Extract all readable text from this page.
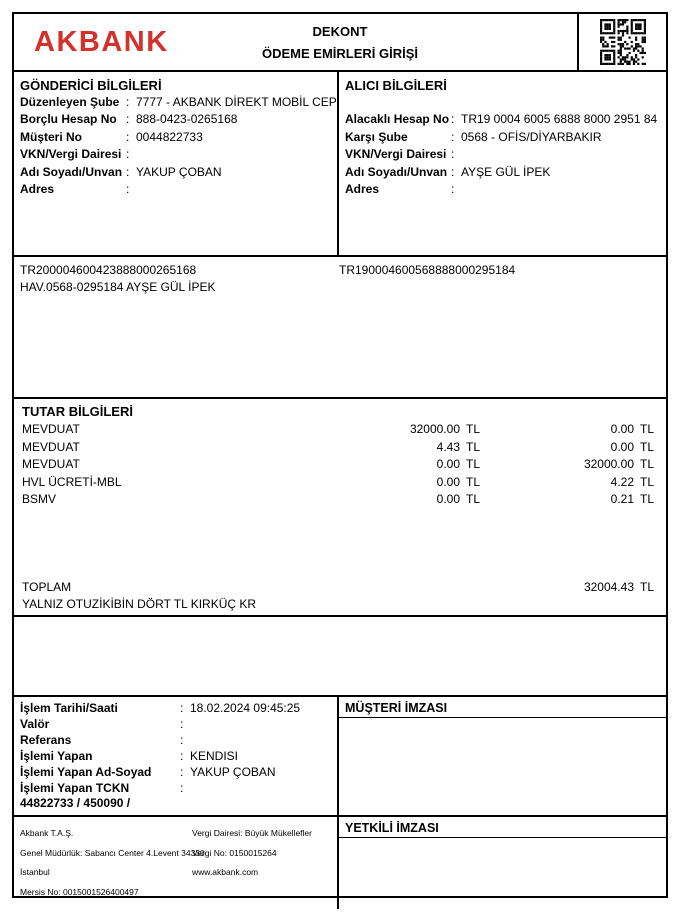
AKBANK	DEKONT
ÖDEME EMİRLERİ GİRİŞİ
GÖNDERİCİ BİLGİLERİ
Düzenleyen Şube : 7777 - AKBANK DİREKT MOBİL CEP
Borçlu Hesap No : 888-0423-0265168
Müşteri No	: 0044822733
VKN/Vergi Dairesi :
Adı Soyadı/Unvan : YAKUP ÇOBAN
Adres	:
ALICI BİLGİLERİ
Alacaklı Hesap No : TR19 0004 6005 6888 8000 2951 84
Karşı Şube	: 0568 - OFİS/DİYARBAKIR
VKN/Vergi Dairesi :
Adı Soyadı/Unvan : AYŞE GÜL İPEK
Adres	:
TR200004600423888000265168
HAV.0568-0295184 AYŞE GÜL İPEK
TR190004600568888000295184
TUTAR BİLGİLERİ
MEVDUAT	32000.00 TL	0.00 TL
MEVDUAT	4.43 TL	0.00 TL
MEVDUAT	0.00 TL	32000.00 TL
HVL ÜCRETİ-MBL	0.00 TL	4.22 TL
BSMV	0.00 TL	0.21 TL
TOPLAM	32004.43 TL
YALNIZ OTUZİKİBİN DÖRT TL KIRKÜÇ KR
İşlem Tarihi/Saati	: 18.02.2024 09:45:25
Valör	:
Referans	:
İşlemi Yapan	: KENDISI
İşlemi Yapan Ad-Soyad	: YAKUP ÇOBAN
İşlemi Yapan TCKN	:
44822733 / 450090 /
MÜŞTERİ İMZASI
Akbank T.A.Ş.
Genel Müdürlük: Sabancı Center 4.Levent 34330
İstanbul
Mersis No: 0015001526400497
Vergi Dairesi: Büyük Mükellefler
Vergi No: 0150015264
www.akbank.com
YETKİLİ İMZASI
